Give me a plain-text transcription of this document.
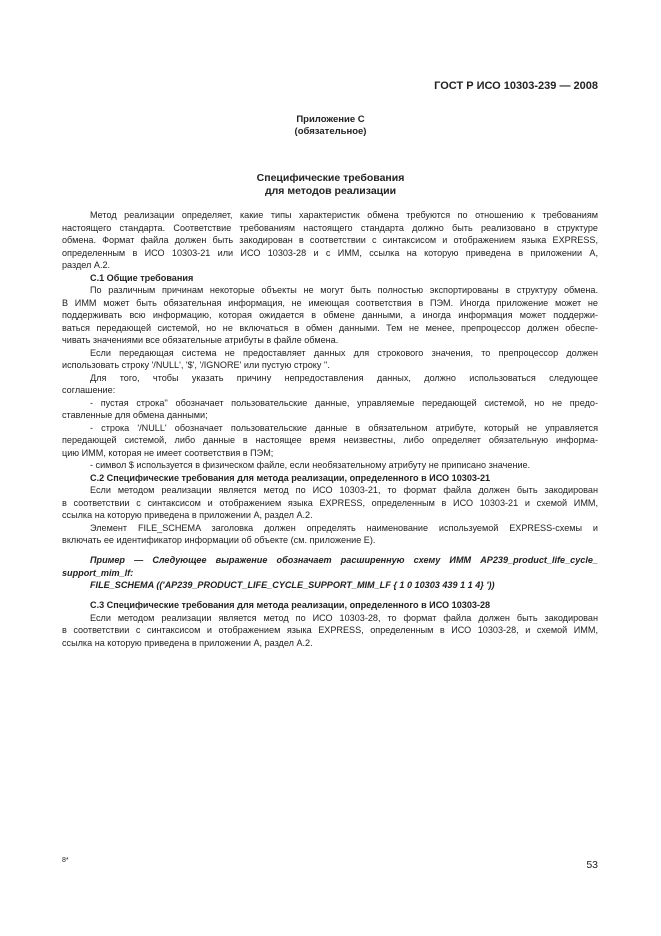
ГОСТ Р ИСО 10303-239 — 2008
Приложение С
(обязательное)
Специфические требования
для методов реализации
Метод реализации определяет, какие типы характеристик обмена требуются по отношению к требованиям
настоящего стандарта. Соответствие требованиям настоящего стандарта должно быть реализовано в структуре
обмена. Формат файла должен быть закодирован в соответствии с синтаксисом и отображением языка EXPRESS,
определенным в ИСО 10303-21 или ИСО 10303-28 и с ИММ, ссылка на которую приведена в приложении А,
раздел А.2.
С.1 Общие требования
По различным причинам некоторые объекты не могут быть полностью экспортированы в структуру обмена.
В ИММ может быть обязательная информация, не имеющая соответствия в ПЭМ. Иногда приложение может не
поддерживать всю информацию, которая ожидается в обмене данными, а иногда информация может поддержи-
ваться передающей системой, но не включаться в обмен данными. Тем не менее, препроцессор должен обеспе-
чивать значениями все обязательные атрибуты в файле обмена.
Если передающая система не предоставляет данных для строкового значения, то препроцессор должен
использовать строку '/NULL', '$', '/IGNORE' или пустую строку ''.
Для того, чтобы указать причину непредоставления данных, должно использоваться следующее
соглашение:
- пустая строка'' обозначает пользовательские данные, управляемые передающей системой, но не предо-
ставленные для обмена данными;
- строка '/NULL' обозначает пользовательские данные в обязательном атрибуте, который не управляется
передающей системой, либо данные в настоящее время неизвестны, либо определяет обязательную информа-
цию ИММ, которая не имеет соответствия в ПЭМ;
- символ $ используется в физическом файле, если необязательному атрибуту не приписано значение.
С.2 Специфические требования для метода реализации, определенного в ИСО 10303-21
Если методом реализации является метод по ИСО 10303-21, то формат файла должен быть закодирован
в соответствии с синтаксисом и отображением языка EXPRESS, определенным в ИСО 10303-21 и схемой ИММ,
ссылка на которую приведена в приложении А, раздел А.2.
Элемент FILE_SCHEMA заголовка должен определять наименование используемой EXPRESS-схемы и
включать ее идентификатор информации об объекте (см. приложение Е).
Пример — Следующее выражение обозначает расширенную схему ИММ AP239_product_life_cycle_
support_mim_lf:
FILE_SCHEMA (('AP239_PRODUCT_LIFE_CYCLE_SUPPORT_MIM_LF { 1 0 10303 439 1 1 4} '))
С.3 Специфические требования для метода реализации, определенного в ИСО 10303-28
Если методом реализации является метод по ИСО 10303-28, то формат файла должен быть закодирован
в соответствии с синтаксисом и отображением языка EXPRESS, определенным в ИСО 10303-28, и схемой ИММ,
ссылка на которую приведена в приложении А, раздел А.2.
8*	53
